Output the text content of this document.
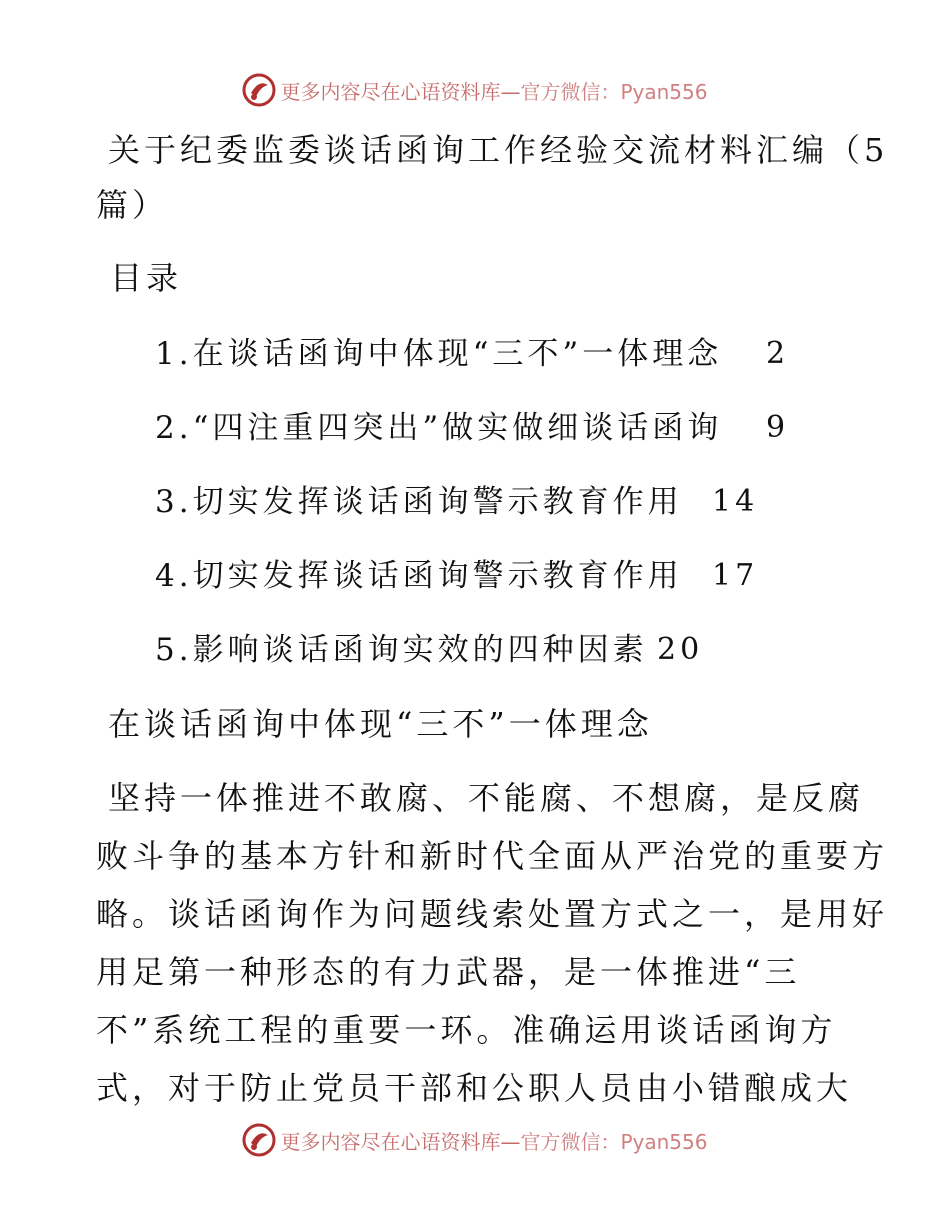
更多内容尽在心语资料库—官方微信：Pyan556
关于纪委监委谈话函询工作经验交流材料汇编（5
篇）
目录
1.在谈话函询中体现“三不”一体理念 2
2.“四注重四突出”做实做细谈话函询 9
3.切实发挥谈话函询警示教育作用 14
4.切实发挥谈话函询警示教育作用 17
5.影响谈话函询实效的四种因素 20
在谈话函询中体现“三不”一体理念
坚持一体推进不敢腐、不能腐、不想腐，是反腐
败斗争的基本方针和新时代全面从严治党的重要方
略。谈话函询作为问题线索处置方式之一，是用好
用足第一种形态的有力武器，是一体推进“三
不”系统工程的重要一环。准确运用谈话函询方
式，对于防止党员干部和公职人员由小错酿成大
更多内容尽在心语资料库—官方微信：Pyan556
